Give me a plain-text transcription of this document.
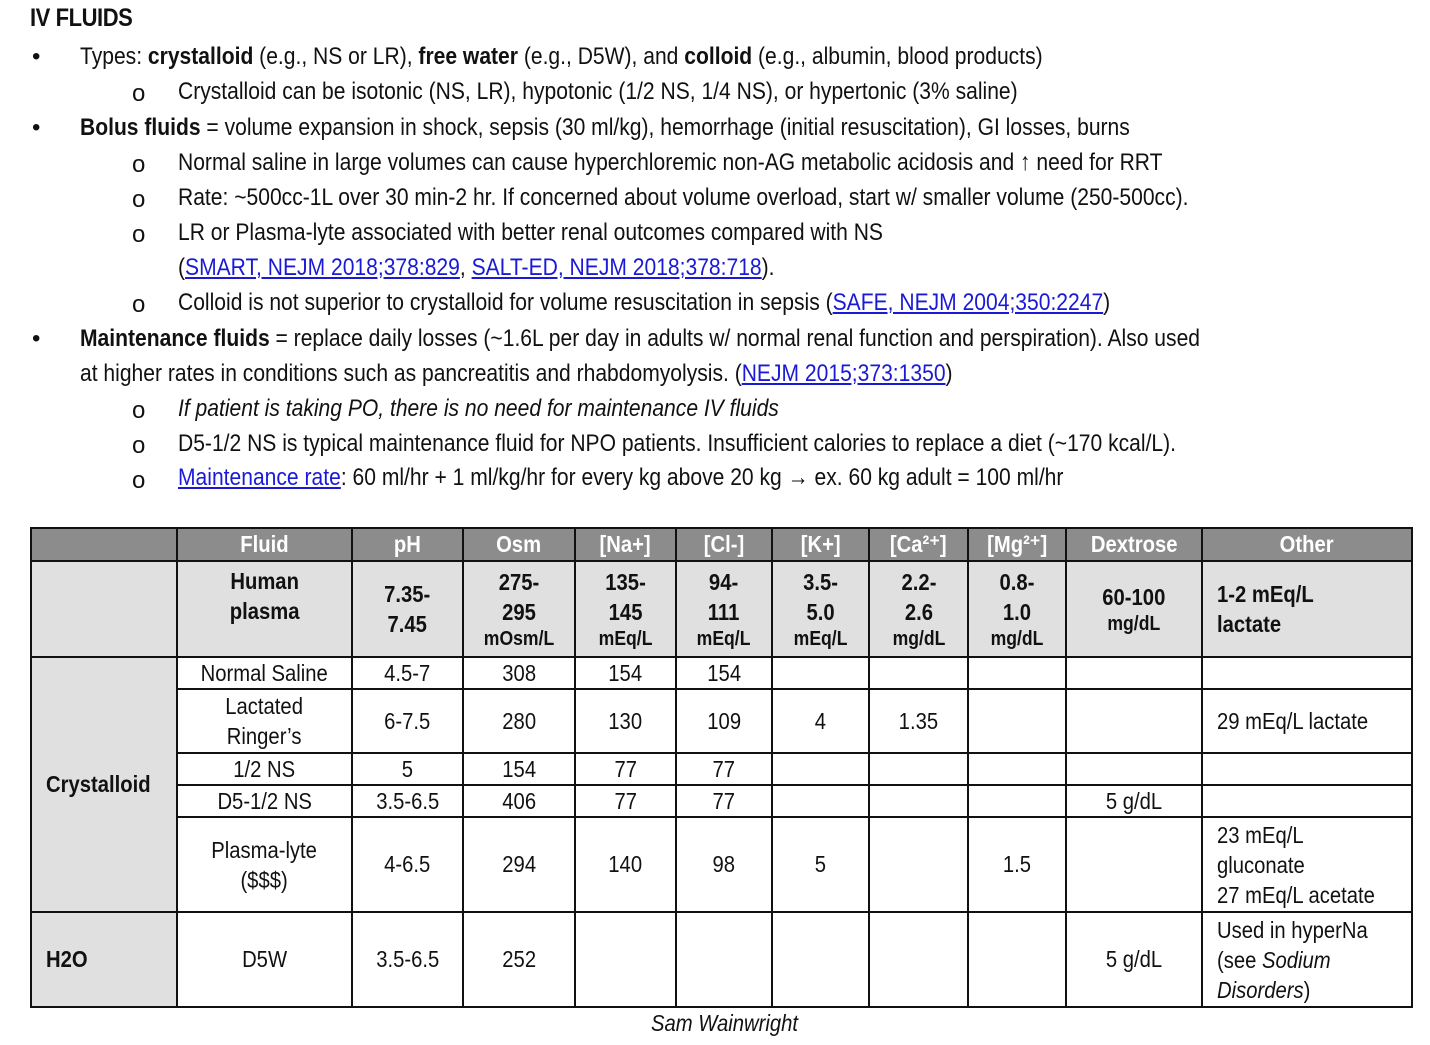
IV FLUIDS
• Types: crystalloid (e.g., NS or LR), free water (e.g., D5W), and colloid (e.g., albumin, blood products)
o Crystalloid can be isotonic (NS, LR), hypotonic (1/2 NS, 1/4 NS), or hypertonic (3% saline)
• Bolus fluids = volume expansion in shock, sepsis (30 ml/kg), hemorrhage (initial resuscitation), GI losses, burns
o Normal saline in large volumes can cause hyperchloremic non-AG metabolic acidosis and ↑ need for RRT
o Rate: ~500cc-1L over 30 min-2 hr. If concerned about volume overload, start w/ smaller volume (250-500cc).
o LR or Plasma-lyte associated with better renal outcomes compared with NS
(SMART, NEJM 2018;378:829, SALT-ED, NEJM 2018;378:718).
o Colloid is not superior to crystalloid for volume resuscitation in sepsis (SAFE, NEJM 2004;350:2247)
• Maintenance fluids = replace daily losses (~1.6L per day in adults w/ normal renal function and perspiration). Also used
at higher rates in conditions such as pancreatitis and rhabdomyolysis. (NEJM 2015;373:1350)
o If patient is taking PO, there is no need for maintenance IV fluids
o D5-1/2 NS is typical maintenance fluid for NPO patients. Insufficient calories to replace a diet (~170 kcal/L).
o Maintenance rate: 60 ml/hr + 1 ml/kg/hr for every kg above 20 kg → ex. 60 kg adult = 100 ml/hr
	Fluid	pH	Osm	[Na+]	[Cl-]	[K+]	[Ca²⁺]	[Mg²⁺]	Dextrose	Other

	Human
plasma	7.35-
7.45	275-
295
mOsm/L	135-
145
mEq/L	94-
111
mEq/L	3.5-
5.0
mEq/L	2.2-
2.6
mg/dL	0.8-
1.0
mg/dL	60-100
mg/dL	1-2 mEq/L
lactate

Crystalloid	Normal Saline	4.5-7	308	154	154					

	Lactated
Ringer’s	6-7.5	280	130	109	4	1.35			29 mEq/L lactate
	1/2 NS	5	154	77	77					
	D5-1/2 NS	3.5-6.5	406	77	77				5 g/dL	

	Plasma-lyte
($$$)	4-6.5	294	140	98	5		1.5		23 mEq/L
gluconate
27 mEq/L acetate

H2O	D5W	3.5-6.5	252						5 g/dL	Used in hyperNa
(see Sodium
Disorders)
Sam Wainwright
